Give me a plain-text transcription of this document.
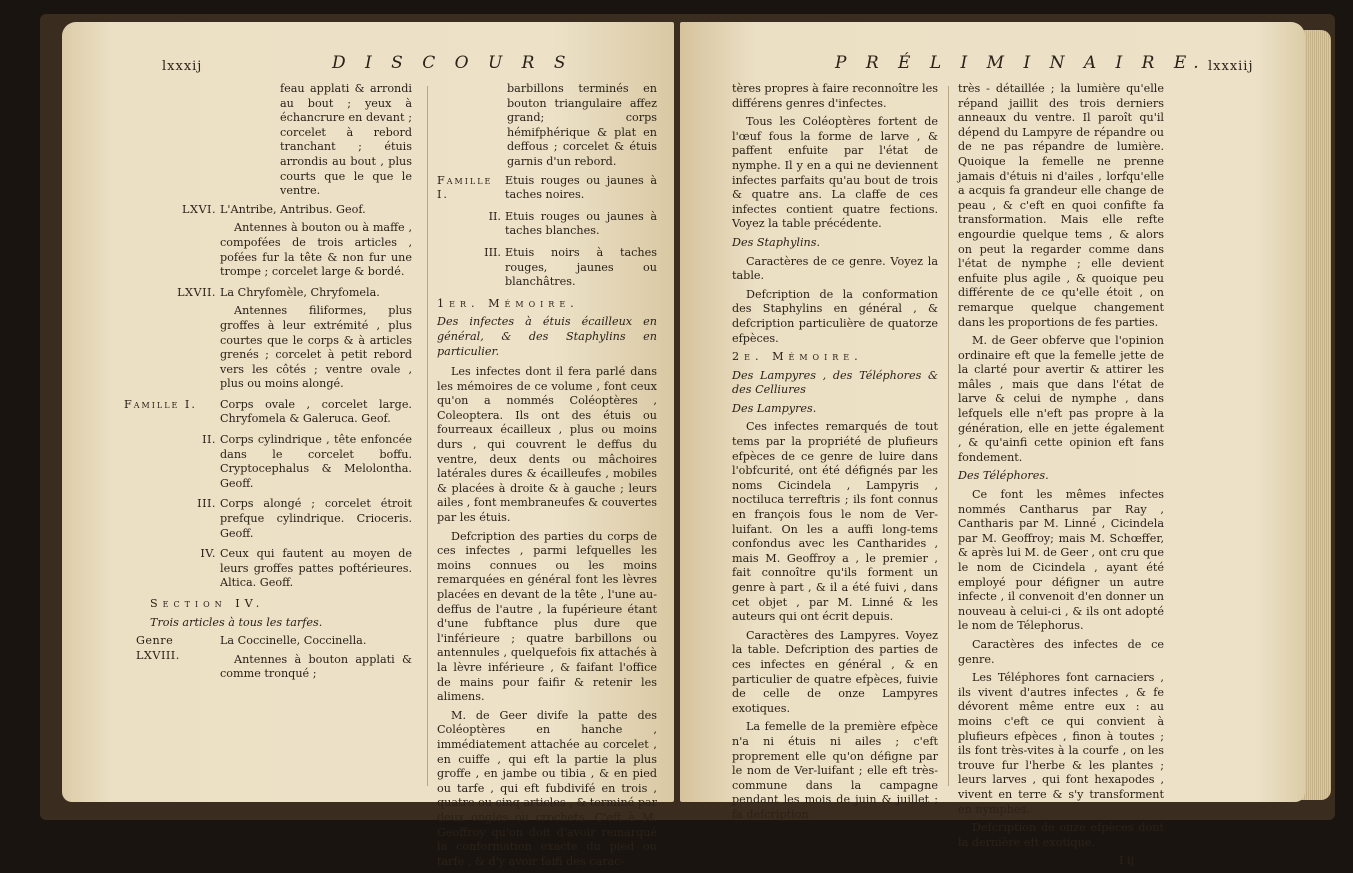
lxxxij	D I S C O U R S

feau applati & arrondi au bout ; yeux à échancrure en devant ; corcelet à rebord tranchant ; étuis arrondis au bout , plus courts que le que le ventre.

LXVI. L'Antribe, Antribus. Geof.

Antennes à bouton ou à maffe , compofées de trois articles , pofées fur la tête & non fur une trompe ; corcelet large & bordé.

LXVII. La Chryfomèle, Chryfomela.

Antennes filiformes, plus groffes à leur extrémité , plus courtes que le corps & à articles grenés ; corcelet à petit rebord vers les côtés ; ventre ovale , plus ou moins alongé.

Famille I. Corps ovale , corcelet large. Chryfomela & Galeruca. Geof.

II. Corps cylindrique , tête enfoncée dans le corcelet boffu. Cryptocephalus & Melolontha. Geoff.

III. Corps alongé ; corcelet étroit prefque cylindrique. Crioceris. Geoff.

IV. Ceux qui fautent au moyen de leurs groffes pattes poftérieures. Altica. Geoff.

Section IV.

Trois articles à tous les tarfes.

Genre LXVIII.

La Coccinelle, Coccinella.

Antennes à bouton applati & comme tronqué ;

barbillons terminés en bouton triangulaire affez grand; corps hémifphérique & plat en deffous ; corcelet & étuis garnis d'un rebord.

Famille I.

Etuis rouges ou jaunes à taches noires.

II. Etuis rouges ou jaunes à taches blanches.

III. Etuis noirs à taches rouges, jaunes ou blanchâtres.

1er. Mémoire.

Des infectes à étuis écailleux en général, & des Staphylins en particulier.

Les infectes dont il fera parlé dans les mémoires de ce volume , font ceux qu'on a nommés Coléoptères , Coleoptera. Ils ont des étuis ou fourreaux écailleux , plus ou moins durs , qui couvrent le deffus du ventre, deux dents ou mâchoires latérales dures & écailleufes , mobiles & placées à droite & à gauche ; leurs ailes , font membraneufes & couvertes par les étuis.

Defcription des parties du corps de ces infectes , parmi lefquelles les moins connues ou les moins remarquées en général font les lèvres placées en devant de la tête , l'une au-deffus de l'autre , la fupérieure étant d'une fubftance plus dure que l'inférieure ; quatre barbillons ou antennules , quelquefois fix attachés à la lèvre inférieure , & faifant l'office de mains pour faifir & retenir les alimens.

M. de Geer divife la patte des Coléoptères en hanche , immédiatement attachée au corcelet , en cuiffe , qui eft la partie la plus groffe , en jambe ou tibia , & en pied ou tarfe , qui eft fubdivifé en trois , quatre ou cinq articles , & terminé par deux ongles ou crochets. C'eft à M. Geoffroy qu'on doit d'avoir remarqué la conformation exacte du pied ou tarfe , & d'y avoir faifi des carac-

P R É L I M I N A I R E. lxxxiij

tères propres à faire reconnoître les différens genres d'infectes.

Tous les Coléoptères fortent de l'œuf fous la forme de larve , & paffent enfuite par l'état de nymphe. Il y en a qui ne deviennent infectes parfaits qu'au bout de trois & quatre ans. La claffe de ces infectes contient quatre fections. Voyez la table précédente.

Des Staphylins.

Caractères de ce genre. Voyez la table.

Defcription de la conformation des Staphylins en général , & defcription particulière de quatorze efpèces.

2e. Mémoire.

Des Lampyres , des Téléphores & des Celliures

Des Lampyres.

Ces infectes remarqués de tout tems par la propriété de plufieurs efpèces de ce genre de luire dans l'obfcurité, ont été défignés par les noms Cicindela , Lampyris , noctiluca terreftris ; ils font connus en françois fous le nom de Ver-luifant. On les a auffi long-tems confondus avec les Cantharides , mais M. Geoffroy a , le premier , fait connoître qu'ils forment un genre à part , & il a été fuivi , dans cet objet , par M. Linné & les auteurs qui ont écrit depuis.

Caractères des Lampyres. Voyez la table. Defcription des parties de ces infectes en général , & en particulier de quatre efpèces, fuivie de celle de onze Lampyres exotiques.

La femelle de la première efpèce n'a ni étuis ni ailes ; c'eft proprement elle qu'on défigne par le nom de Ver-luifant ; elle eft très-commune dans la campagne pendant les mois de juin & juillet ; fa defcription

très - détaillée ; la lumière qu'elle répand jaillit des trois derniers anneaux du ventre. Il paroît qu'il dépend du Lampyre de répandre ou de ne pas répandre de lumière. Quoique la femelle ne prenne jamais d'étuis ni d'ailes , lorfqu'elle a acquis fa grandeur elle change de peau , & c'eft en quoi confifte fa transformation. Mais elle refte engourdie quelque tems , & alors on peut la regarder comme dans l'état de nymphe ; elle devient enfuite plus agile , & quoique peu différente de ce qu'elle étoit , on remarque quelque changement dans les proportions de fes parties.

M. de Geer obferve que l'opinion ordinaire eft que la femelle jette de la clarté pour avertir & attirer les mâles , mais que dans l'état de larve & celui de nymphe , dans lefquels elle n'eft pas propre à la génération, elle en jette également , & qu'ainfi cette opinion eft fans fondement.

Des Téléphores.

Ce font les mêmes infectes nommés Cantharus par Ray , Cantharis par M. Linné , Cicindela par M. Geoffroy; mais M. Schœffer, & après lui M. de Geer , ont cru que le nom de Cicindela , ayant été employé pour défigner un autre infecte , il convenoit d'en donner un nouveau à celui-ci , & ils ont adopté le nom de Télephorus.

Caractères des infectes de ce genre.

Les Téléphores font carnaciers , ils vivent d'autres infectes , & fe dévorent même entre eux : au moins c'eft ce qui convient à plufieurs efpèces , finon à toutes ; ils font très-vites à la courfe , on les trouve fur l'herbe & les plantes ; leurs larves , qui font hexapodes , vivent en terre & s'y transforment en nymphes.

Defcription de onze efpèces dont la dernière eft exotique.

I ij
